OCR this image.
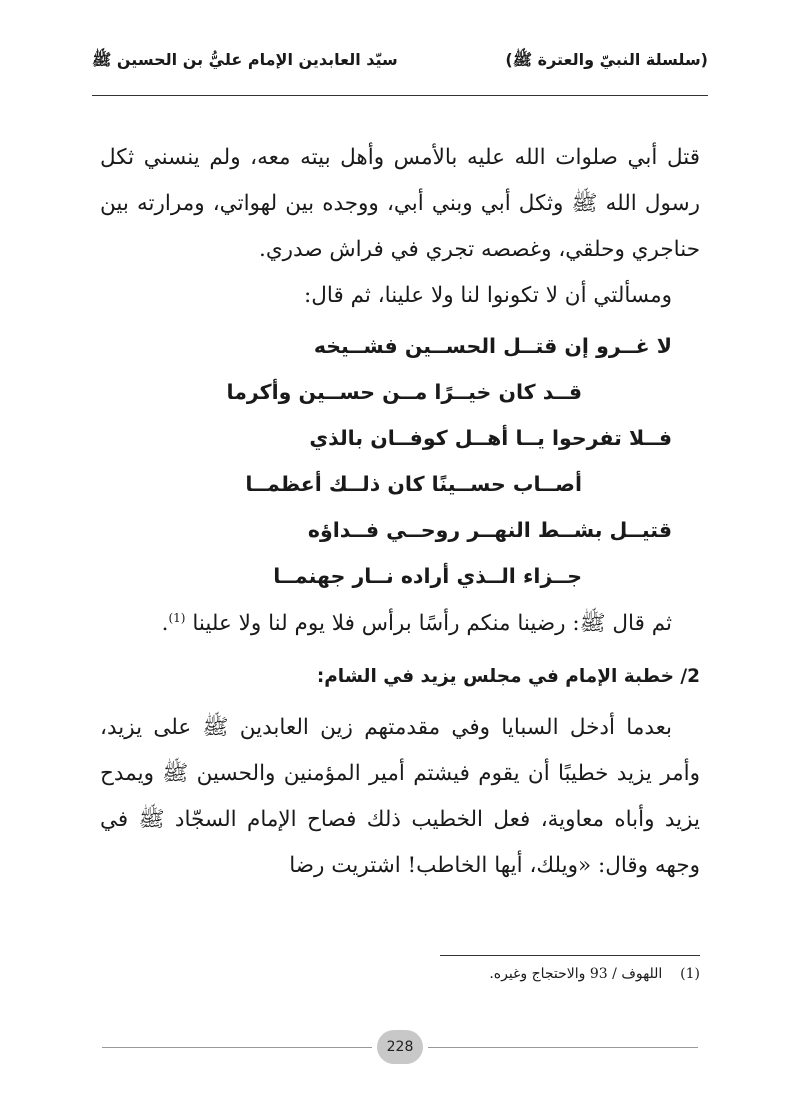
(سلسلة النبيّ والعترة ﷺ)
سيّد العابدين الإمام عليُّ بن الحسين ﷺ

قتل أبي صلوات الله عليه بالأمس وأهل بيته معه، ولم ينسني ثكل رسول الله ﷺ وثكل أبي وبني أبي، ووجده بين لهواتي، ومرارته بين حناجري وحلقي، وغصصه تجري في فراش صدري.

ومسألتي أن لا تكونوا لنا ولا علينا، ثم قال:

لا غــرو إن قتــل الحســين فشــيخه
قــد كان خيــرًا مــن حســين وأكرما
فــلا تفرحوا يــا أهــل كوفــان بالذي
أصــاب حســينًا كان ذلــك أعظمــا
قتيــل بشــط النهــر روحــي فــداؤه
جــزاء الــذي أراده نــار جهنمــا

ثم قال ﷺ: رضينا منكم رأسًا برأس فلا يوم لنا ولا علينا $^{(1)}$.

2/ خطبة الإمام في مجلس يزيد في الشام:

بعدما أدخل السبايا وفي مقدمتهم زين العابدين ﷺ على يزيد، وأمر يزيد خطيبًا أن يقوم فيشتم أمير المؤمنين والحسين ﷺ ويمدح يزيد وأباه معاوية، فعل الخطيب ذلك فصاح الإمام السجّاد ﷺ في وجهه وقال: «ويلك، أيها الخاطب! اشتريت رضا

(1)    اللهوف / 93 والاحتجاج وغيره.
228
